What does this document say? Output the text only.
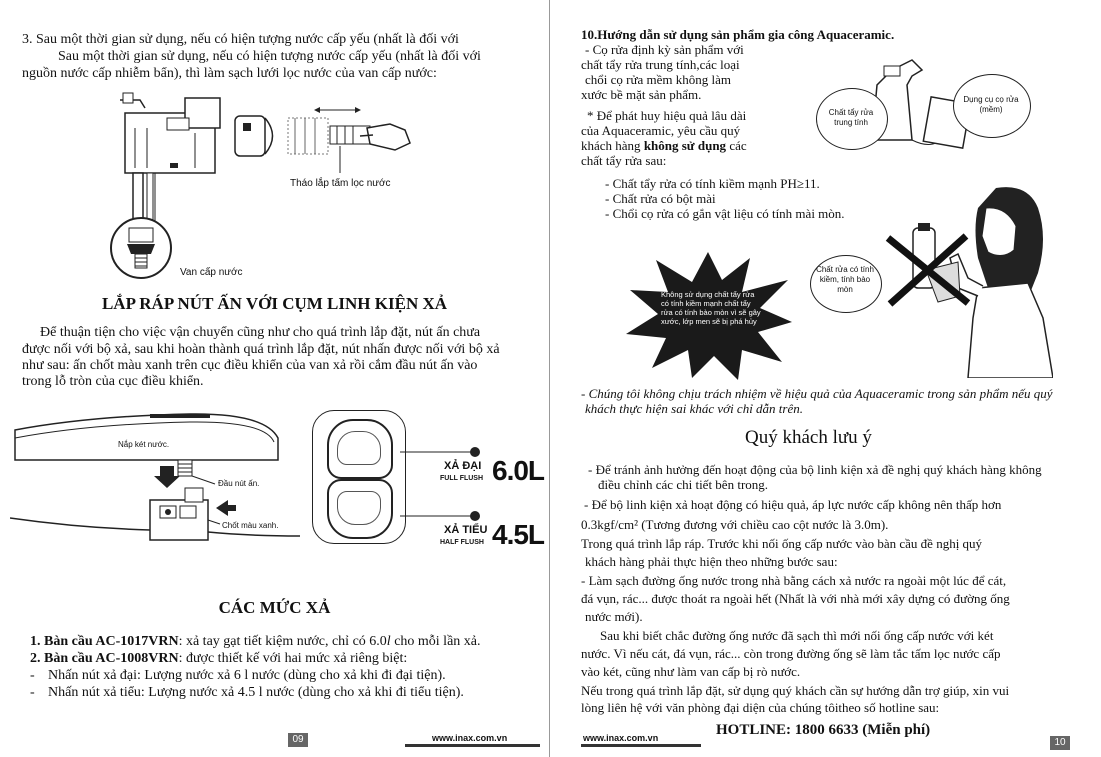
3. Sau một thời gian sử dụng, nếu có hiện tượng nước cấp yếu (nhất là đối với
Sau một thời gian sử dụng, nếu có hiện tượng nước cấp yếu (nhất là đối với
nguồn nước cấp nhiễm bẩn), thì làm sạch lưới lọc nước của van cấp nước:
Tháo lắp tấm lọc nước
Van cấp nước
LẮP RÁP NÚT ẤN VỚI CỤM LINH KIỆN XẢ
Để thuận tiện cho việc vận chuyển cũng như cho quá trình lắp đặt, nút ấn chưa
được nối với bộ xả, sau khi hoàn thành quá trình lắp đặt, nút nhấn được nối với bộ xả
như sau: ấn chốt màu xanh trên cục điều khiển của van xả rồi cắm đầu nút ấn vào
trong lỗ tròn của cục điều khiển.
Nắp két nước.
Đầu nút ấn.
Chốt màu xanh.
XẢ ĐẠI
FULL FLUSH 6.0L
XẢ TIỂU
HALF FLUSH 4.5L
CÁC MỨC XẢ
1. Bàn cầu AC-1017VRN: xả tay gạt tiết kiệm nước, chỉ có 6.0l cho mỗi lần xả.
2. Bàn cầu AC-1008VRN: được thiết kế với hai mức xả riêng biệt:
- Nhấn nút xả đại: Lượng nước xả 6 l nước (dùng cho xả khi đi đại tiện).
- Nhấn nút xả tiểu: Lượng nước xả 4.5 l nước (dùng cho xả khi đi tiểu tiện).
09	www.inax.com.vn
10.Hướng dẫn sử dụng sản phẩm gia công Aquaceramic.
- Cọ rửa định kỳ sản phẩm với
chất tẩy rửa trung tính,các loại
chổi cọ rửa mềm không làm
xước bề mặt sản phẩm.
* Để phát huy hiệu quả lâu dài
của Aquaceramic, yêu cầu quý
khách hàng không sử dụng các
chất tẩy rửa sau:
- Chất tẩy rửa có tính kiềm mạnh PH≥11.
- Chất rửa có bột mài
- Chổi cọ rửa có gắn vật liệu có tính mài mòn.
Chất tẩy rửa trung tính
Dụng cụ cọ rửa (mềm)
Không sử dụng chất tẩy rửa có tính kiềm mạnh chất tẩy rửa có tính bào mòn vì sẽ gây xước, lớp men sẽ bị phá hủy
Chất rửa có tính kiềm, tính bào mòn
- Chúng tôi không chịu trách nhiệm về hiệu quả của Aquaceramic trong sản phẩm nếu quý
khách thực hiện sai khác với chỉ dẫn trên.
Quý khách lưu ý
- Để tránh ảnh hưởng đến hoạt động của bộ linh kiện xả đề nghị quý khách hàng không
điều chỉnh các chi tiết bên trong.
- Để bộ linh kiện xả hoạt động có hiệu quả, áp lực nước cấp không nên thấp hơn
0.3kgf/cm² (Tương đương với chiều cao cột nước là 3.0m).
Trong quá trình lắp ráp. Trước khi nối ống cấp nước vào bàn cầu đề nghị quý
khách hàng phải thực hiện theo những bước sau:
- Làm sạch đường ống nước trong nhà bằng cách xả nước ra ngoài một lúc để cát,
đá vụn, rác... được thoát ra ngoài hết (Nhất là với nhà mới xây dựng có đường ống
nước mới).
Sau khi biết chắc đường ống nước đã sạch thì mới nối ống cấp nước với két
nước. Vì nếu cát, đá vụn, rác... còn trong đường ống sẽ làm tắc tấm lọc nước cấp
vào két, cũng như làm van cấp bị rò nước.
Nếu trong quá trình lắp đặt, sử dụng quý khách cần sự hướng dẫn trợ giúp, xin vui
lòng liên hệ với văn phòng đại diện của chúng tôitheo số hotline sau:
HOTLINE: 1800 6633 (Miễn phí)
www.inax.com.vn	10
